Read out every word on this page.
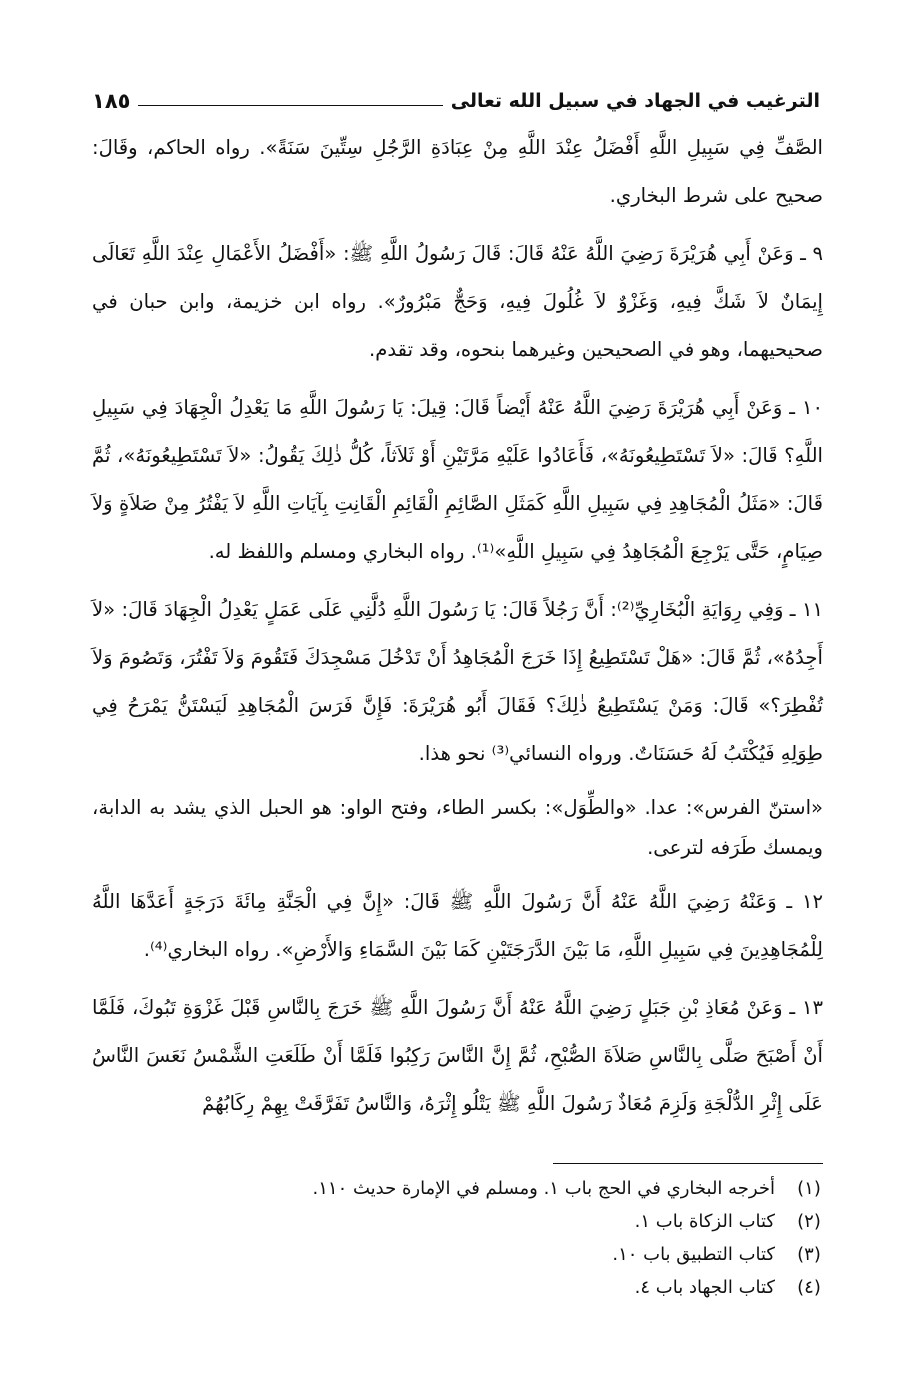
الترغيب في الجهاد في سبيل الله تعالى
١٨٥

الصَّفِّ فِي سَبِيلِ اللَّهِ أَفْضَلُ عِنْدَ اللَّهِ مِنْ عِبَادَةِ الرَّجُلِ سِتِّينَ سَنَةً». رواه الحاكم، وقَالَ: صحيح على شرط البخاري.

٩ ـ وَعَنْ أَبِي هُرَيْرَةَ رَضِيَ اللَّهُ عَنْهُ قَالَ: قَالَ رَسُولُ اللَّهِ ﷺ: «أَفْضَلُ الأَعْمَالِ عِنْدَ اللَّهِ تَعَالَى إِيمَانٌ لاَ شَكَّ فِيهِ، وَغَزْوٌ لاَ غُلُولَ فِيهِ، وَحَجٌّ مَبْرُورٌ». رواه ابن خزيمة، وابن حبان في صحيحيهما، وهو في الصحيحين وغيرهما بنحوه، وقد تقدم.

١٠ ـ وَعَنْ أَبِي هُرَيْرَةَ رَضِيَ اللَّهُ عَنْهُ أَيْضاً قَالَ: قِيلَ: يَا رَسُولَ اللَّهِ مَا يَعْدِلُ الْجِهَادَ فِي سَبِيلِ اللَّهِ؟ قَالَ: «لاَ تَسْتَطِيعُونَهُ»، فَأَعَادُوا عَلَيْهِ مَرَّتَيْنِ أَوْ ثَلاَثاً، كُلُّ ذٰلِكَ يَقُولُ: «لاَ تَسْتَطِيعُونَهُ»، ثُمَّ قَالَ: «مَثَلُ الْمُجَاهِدِ فِي سَبِيلِ اللَّهِ كَمَثَلِ الصَّائِمِ الْقَائِمِ الْقَانِتِ بِآيَاتِ اللَّهِ لاَ يَفْتُرُ مِنْ صَلاَةٍ وَلاَ صِيَامٍ، حَتَّى يَرْجِعَ الْمُجَاهِدُ فِي سَبِيلِ اللَّهِ»⁽¹⁾. رواه البخاري ومسلم واللفظ له.

١١ ـ وَفِي رِوَايَةِ الْبُخَارِيِّ⁽²⁾: أَنَّ رَجُلاً قَالَ: يَا رَسُولَ اللَّهِ دُلَّنِي عَلَى عَمَلٍ يَعْدِلُ الْجِهَادَ قَالَ: «لاَ أَجِدُهُ»، ثُمَّ قَالَ: «هَلْ تَسْتَطِيعُ إِذَا خَرَجَ الْمُجَاهِدُ أَنْ تَدْخُلَ مَسْجِدَكَ فَتَقُومَ وَلاَ تَفْتُرَ، وَتَصُومَ وَلاَ تُفْطِرَ؟» قَالَ: وَمَنْ يَسْتَطِيعُ ذٰلِكَ؟ فَقَالَ أَبُو هُرَيْرَةَ: فَإِنَّ فَرَسَ الْمُجَاهِدِ لَيَسْتَنُّ يَمْرَحُ فِي طِوَلِهِ فَيُكْتَبُ لَهُ حَسَنَاتٌ. ورواه النسائي⁽³⁾ نحو هذا.

«استنّ الفرس»: عدا. «والطِّوَل»: بكسر الطاء، وفتح الواو: هو الحبل الذي يشد به الدابة، ويمسك طَرَفه لترعى.

١٢ ـ وَعَنْهُ رَضِيَ اللَّهُ عَنْهُ أَنَّ رَسُولَ اللَّهِ ﷺ قَالَ: «إِنَّ فِي الْجَنَّةِ مِائَةَ دَرَجَةٍ أَعَدَّهَا اللَّهُ لِلْمُجَاهِدِينَ فِي سَبِيلِ اللَّهِ، مَا بَيْنَ الدَّرَجَتَيْنِ كَمَا بَيْنَ السَّمَاءِ وَالأَرْضِ». رواه البخاري⁽⁴⁾.

١٣ ـ وَعَنْ مُعَاذِ بْنِ جَبَلٍ رَضِيَ اللَّهُ عَنْهُ أَنَّ رَسُولَ اللَّهِ ﷺ خَرَجَ بِالنَّاسِ قَبْلَ غَزْوَةِ تَبُوكَ، فَلَمَّا أَنْ أَصْبَحَ صَلَّى بِالنَّاسِ صَلاَةَ الصُّبْحِ، ثُمَّ إِنَّ النَّاسَ رَكِبُوا فَلَمَّا أَنْ طَلَعَتِ الشَّمْسُ نَعَسَ النَّاسُ عَلَى إِثْرِ الدُّلْجَةِ وَلَزِمَ مُعَاذٌ رَسُولَ اللَّهِ ﷺ يَتْلُو إِثْرَهُ، وَالنَّاسُ تَفَرَّقَتْ بِهِمْ رِكَابُهُمْ

(١)
أخرجه البخاري في الحج باب ١. ومسلم في الإمارة حديث ١١٠.
(٢)
كتاب الزكاة باب ١.
(٣)
كتاب التطبيق باب ١٠.
(٤)
كتاب الجهاد باب ٤.
